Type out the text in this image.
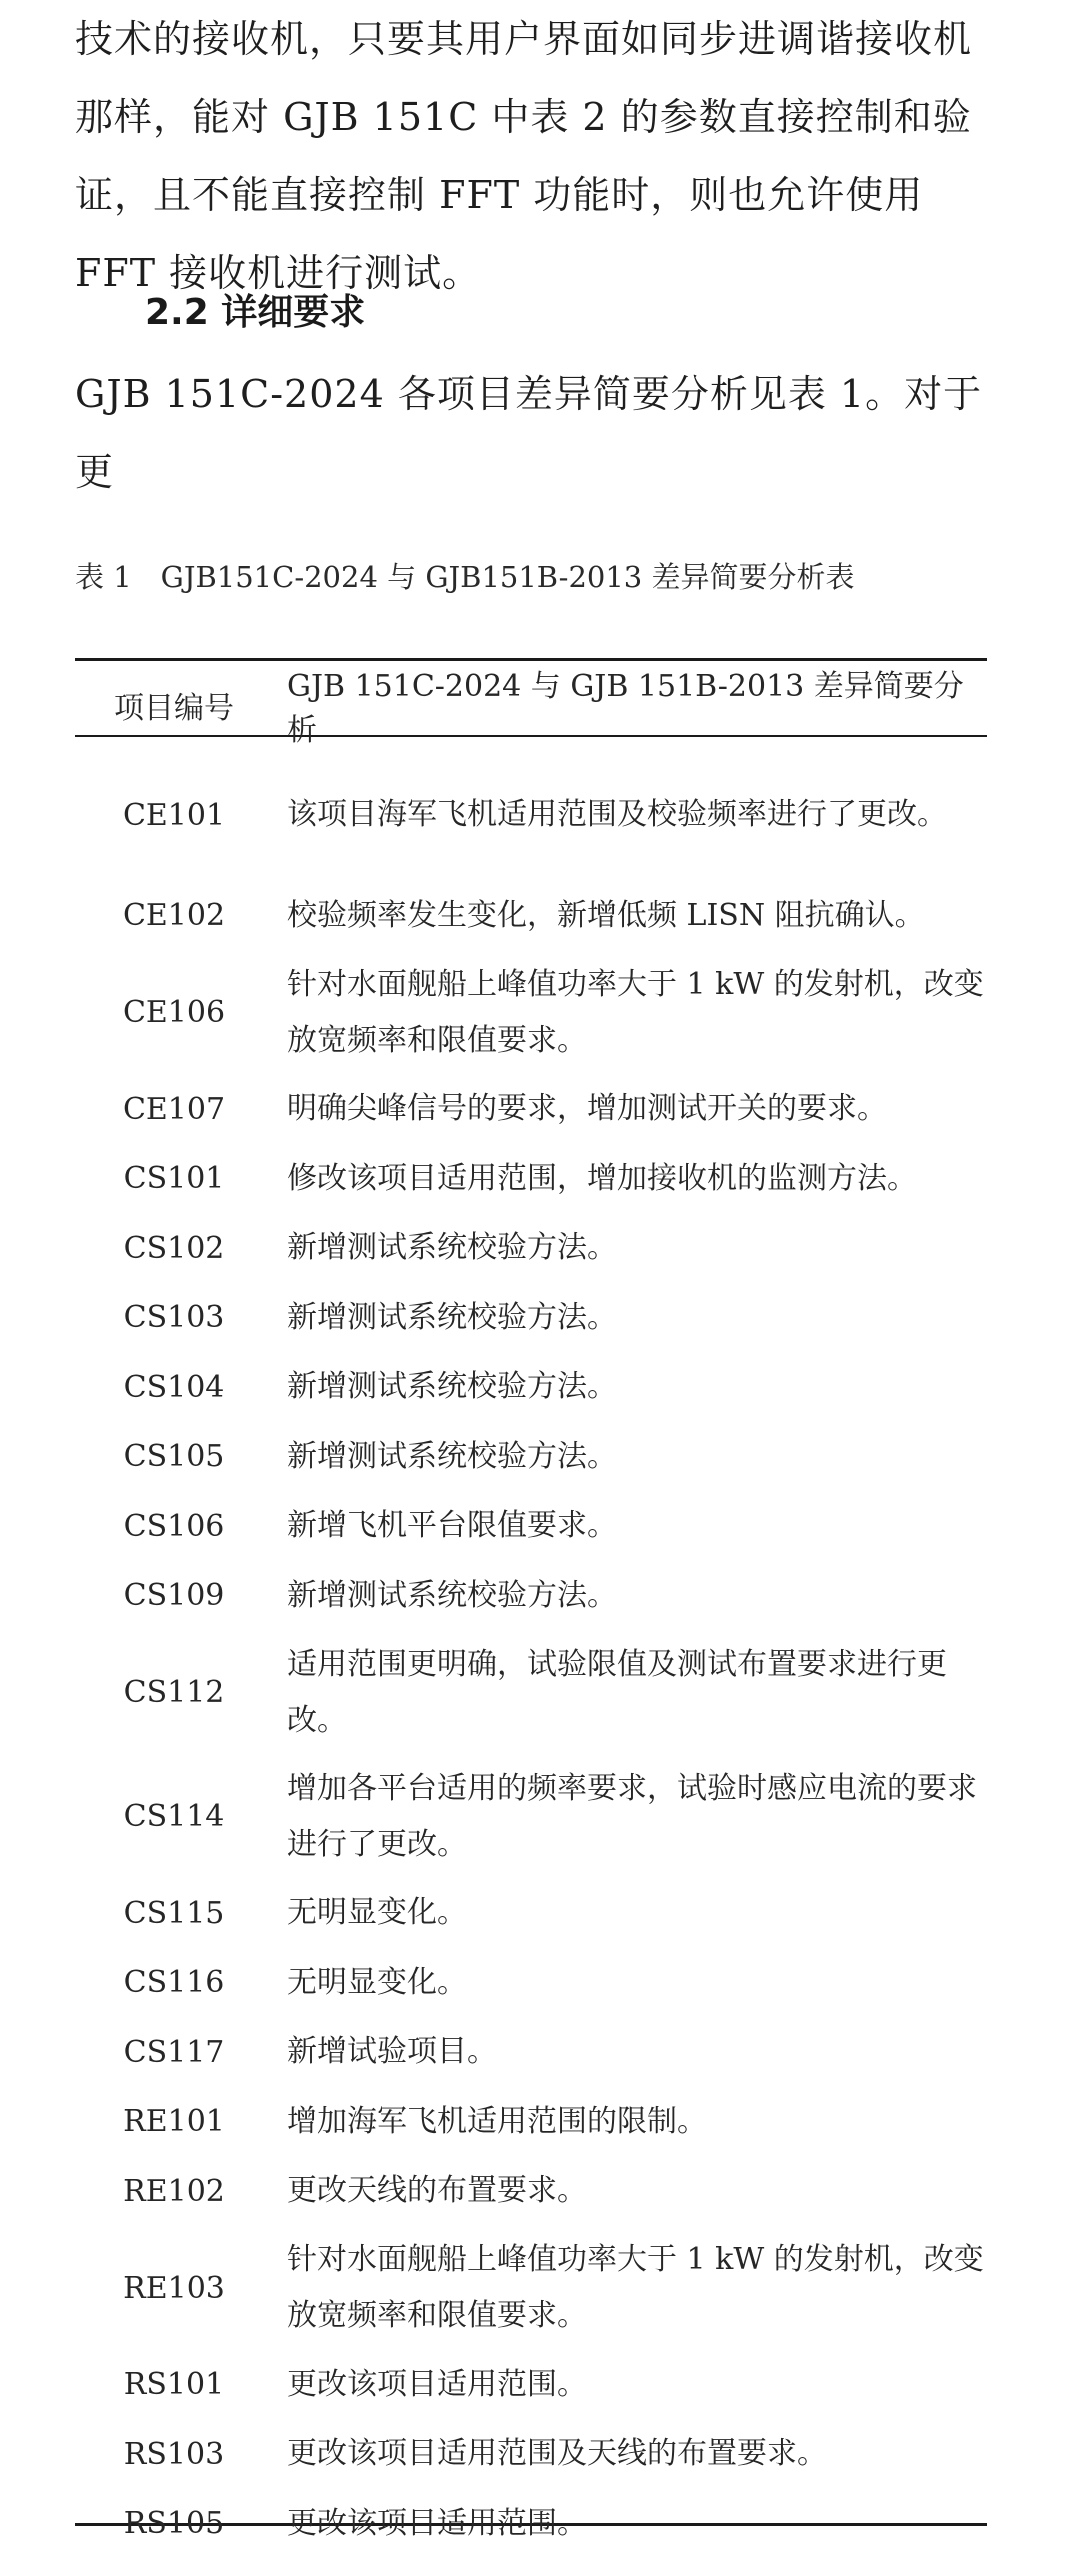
技术的接收机，只要其用户界面如同步进调谐接收机那样，能对 GJB 151C 中表 2 的参数直接控制和验证，且不能直接控制 FFT 功能时，则也允许使用 FFT 接收机进行测试。

2.2 详细要求

GJB 151C-2024 各项目差异简要分析见表 1。对于更

表 1　GJB151C-2024 与 GJB151B-2013 差异简要分析表

项目编号	GJB 151C-2024 与 GJB 151B-2013 差异简要分析
CE101	该项目海军飞机适用范围及校验频率进行了更改。
CE102	校验频率发生变化，新增低频 LISN 阻抗确认。
CE106	针对水面舰船上峰值功率大于 1 kW 的发射机，改变放宽频率和限值要求。
CE107	明确尖峰信号的要求，增加测试开关的要求。
CS101	修改该项目适用范围，增加接收机的监测方法。
CS102	新增测试系统校验方法。
CS103	新增测试系统校验方法。
CS104	新增测试系统校验方法。
CS105	新增测试系统校验方法。
CS106	新增飞机平台限值要求。
CS109	新增测试系统校验方法。
CS112	适用范围更明确，试验限值及测试布置要求进行更改。
CS114	增加各平台适用的频率要求，试验时感应电流的要求进行了更改。
CS115	无明显变化。
CS116	无明显变化。
CS117	新增试验项目。
RE101	增加海军飞机适用范围的限制。
RE102	更改天线的布置要求。
RE103	针对水面舰船上峰值功率大于 1 kW 的发射机，改变放宽频率和限值要求。
RS101	更改该项目适用范围。
RS103	更改该项目适用范围及天线的布置要求。
RS105	更改该项目适用范围。
